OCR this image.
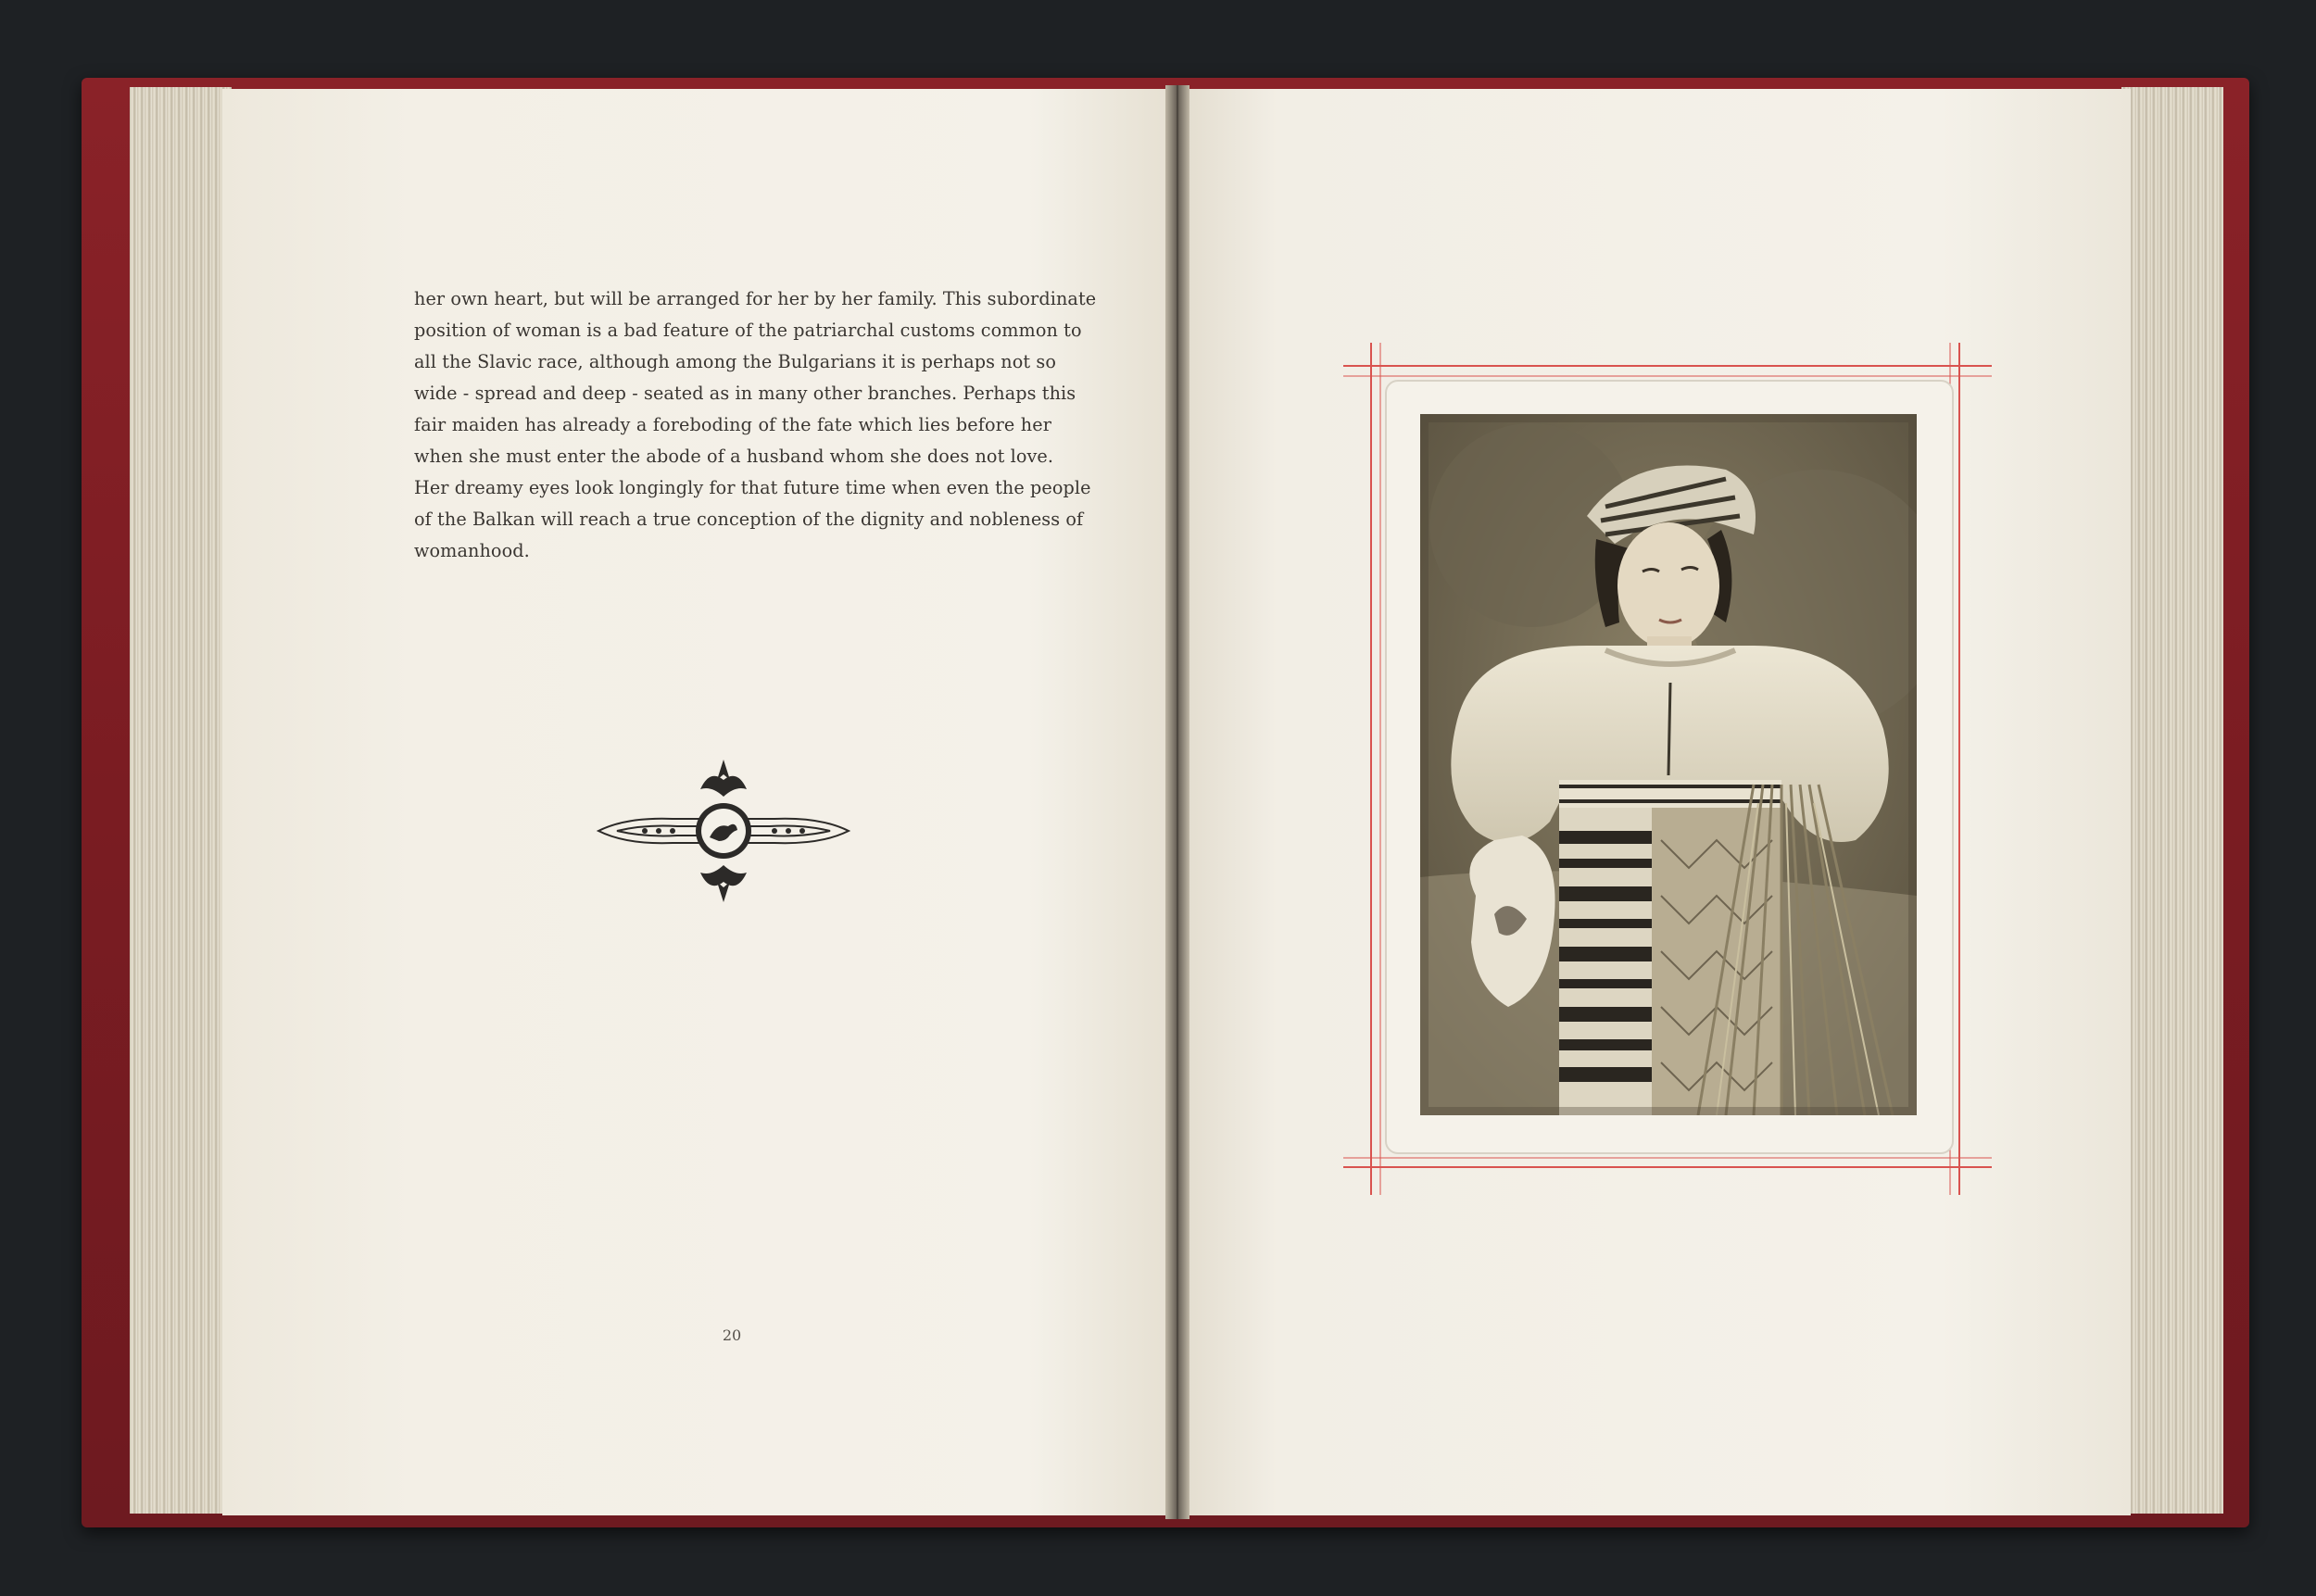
her own heart, but will be arranged for her by her family. This subordinate
position of woman is a bad feature of the patriarchal customs common to
all the Slavic race, although among the Bulgarians it is perhaps not so
wide - spread and deep - seated as in many other branches. Perhaps this
fair maiden has already a foreboding of the fate which lies before her
when she must enter the abode of a husband whom she does not love.
Her dreamy eyes look longingly for that future time when even the people
of the Balkan will reach a true conception of the dignity and nobleness of
womanhood.
20
